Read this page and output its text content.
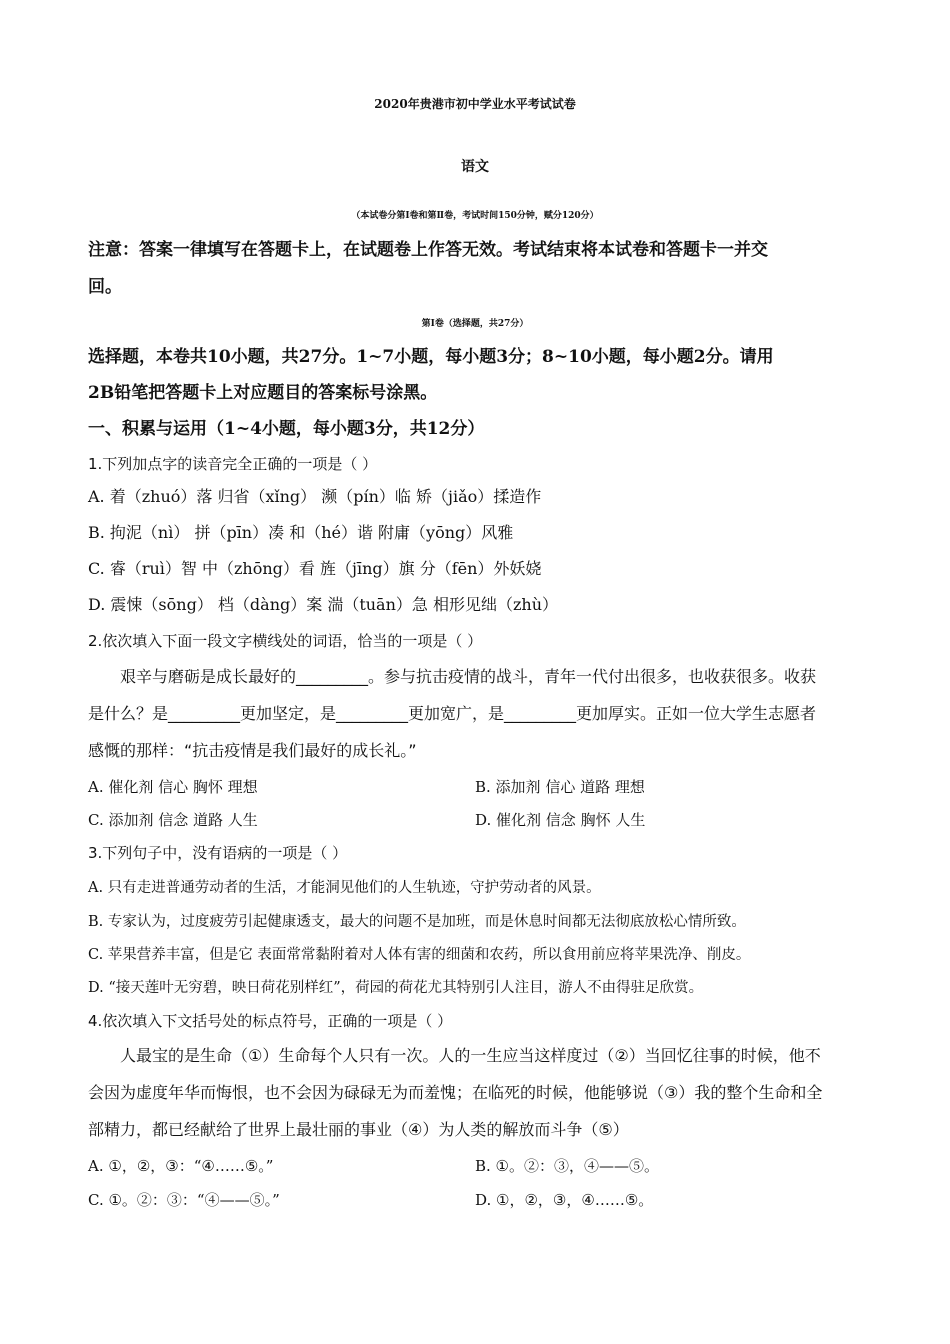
2020年贵港市初中学业水平考试试卷
语文
（本试卷分第Ⅰ卷和第Ⅱ卷，考试时间150分钟，赋分120分）
注意：答案一律填写在答题卡上，在试题卷上作答无效。考试结束将本试卷和答题卡一并交
回。
第Ⅰ卷（选择题，共27分）
选择题，本卷共10小题，共27分。1~7小题，每小题3分；8~10小题，每小题2分。请用
2B铅笔把答题卡上对应题目的答案标号涂黑。
一、积累与运用（1~4小题，每小题3分，共12分）
1.下列加点字的读音完全正确的一项是（ ）
A. 着（zhuó）落 归省（xǐng） 濒（pín）临 矫（jiǎo）揉造作
B. 拘泥（nì） 拼（pīn）凑 和（hé）谐 附庸（yōng）风雅
C. 睿（ruì）智 中（zhōng）看 旌（jīng）旗 分（fēn）外妖娆
D. 震悚（sōng） 档（dàng）案 湍（tuān）急 相形见绌（zhù）
2.依次填入下面一段文字横线处的词语，恰当的一项是（ ）
艰辛与磨砺是成长最好的_________。参与抗击疫情的战斗，青年一代付出很多，也收获很多。收获
是什么？是_________更加坚定，是_________更加宽广，是_________更加厚实。正如一位大学生志愿者
感慨的那样：“抗击疫情是我们最好的成长礼。”
A. 催化剂 信心 胸怀 理想	B. 添加剂 信心 道路 理想
C. 添加剂 信念 道路 人生	D. 催化剂 信念 胸怀 人生
3.下列句子中，没有语病的一项是（ ）
A. 只有走进普通劳动者的生活，才能洞见他们的人生轨迹，守护劳动者的风景。
B. 专家认为，过度疲劳引起健康透支，最大的问题不是加班，而是休息时间都无法彻底放松心情所致。
C. 苹果营养丰富，但是它 表面常常黏附着对人体有害的细菌和农药，所以食用前应将苹果洗净、削皮。
D. “接天莲叶无穷碧，映日荷花别样红”，荷园的荷花尤其特别引人注目，游人不由得驻足欣赏。
4.依次填入下文括号处的标点符号，正确的一项是（ ）
人最宝的是生命（①）生命每个人只有一次。人的一生应当这样度过（②）当回忆往事的时候，他不
会因为虚度年华而悔恨，也不会因为碌碌无为而羞愧；在临死的时候，他能够说（③）我的整个生命和全
部精力，都已经献给了世界上最壮丽的事业（④）为人类的解放而斗争（⑤）
A. ①，②，③：“④……⑤。”	B. ①。②：③，④——⑤。
C. ①。②：③：“④——⑤。”	D. ①，②，③，④……⑤。
